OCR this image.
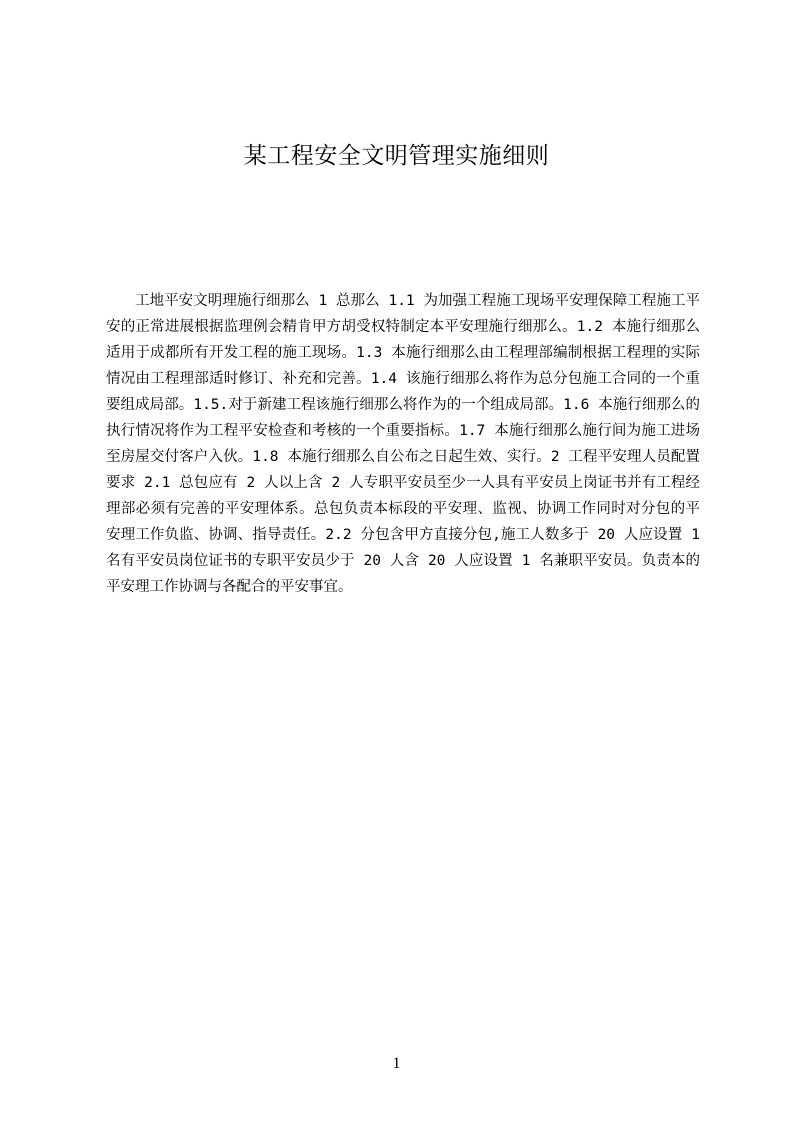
某工程安全文明管理实施细则

工地平安文明理施行细那么 1 总那么 1.1 为加强工程施工现场平安理保障工程施工平安的正常进展根据监理例会精肯甲方胡受权特制定本平安理施行细那么。1.2 本施行细那么适用于成都所有开发工程的施工现场。1.3 本施行细那么由工程理部编制根据工程理的实际情况由工程理部适时修订、补充和完善。1.4 该施行细那么将作为总分包施工合同的一个重要组成局部。1.5.对于新建工程该施行细那么将作为的一个组成局部。1.6 本施行细那么的执行情况将作为工程平安检查和考核的一个重要指标。1.7 本施行细那么施行间为施工进场至房屋交付客户入伙。1.8 本施行细那么自公布之日起生效、实行。2 工程平安理人员配置要求 2.1 总包应有 2 人以上含 2 人专职平安员至少一人具有平安员上岗证书并有工程经理部必须有完善的平安理体系。总包负责本标段的平安理、监视、协调工作同时对分包的平安理工作负监、协调、指导责任。2.2 分包含甲方直接分包,施工人数多于 20 人应设置 1 名有平安员岗位证书的专职平安员少于 20 人含 20 人应设置 1 名兼职平安员。负责本的平安理工作协调与各配合的平安事宜。

1
